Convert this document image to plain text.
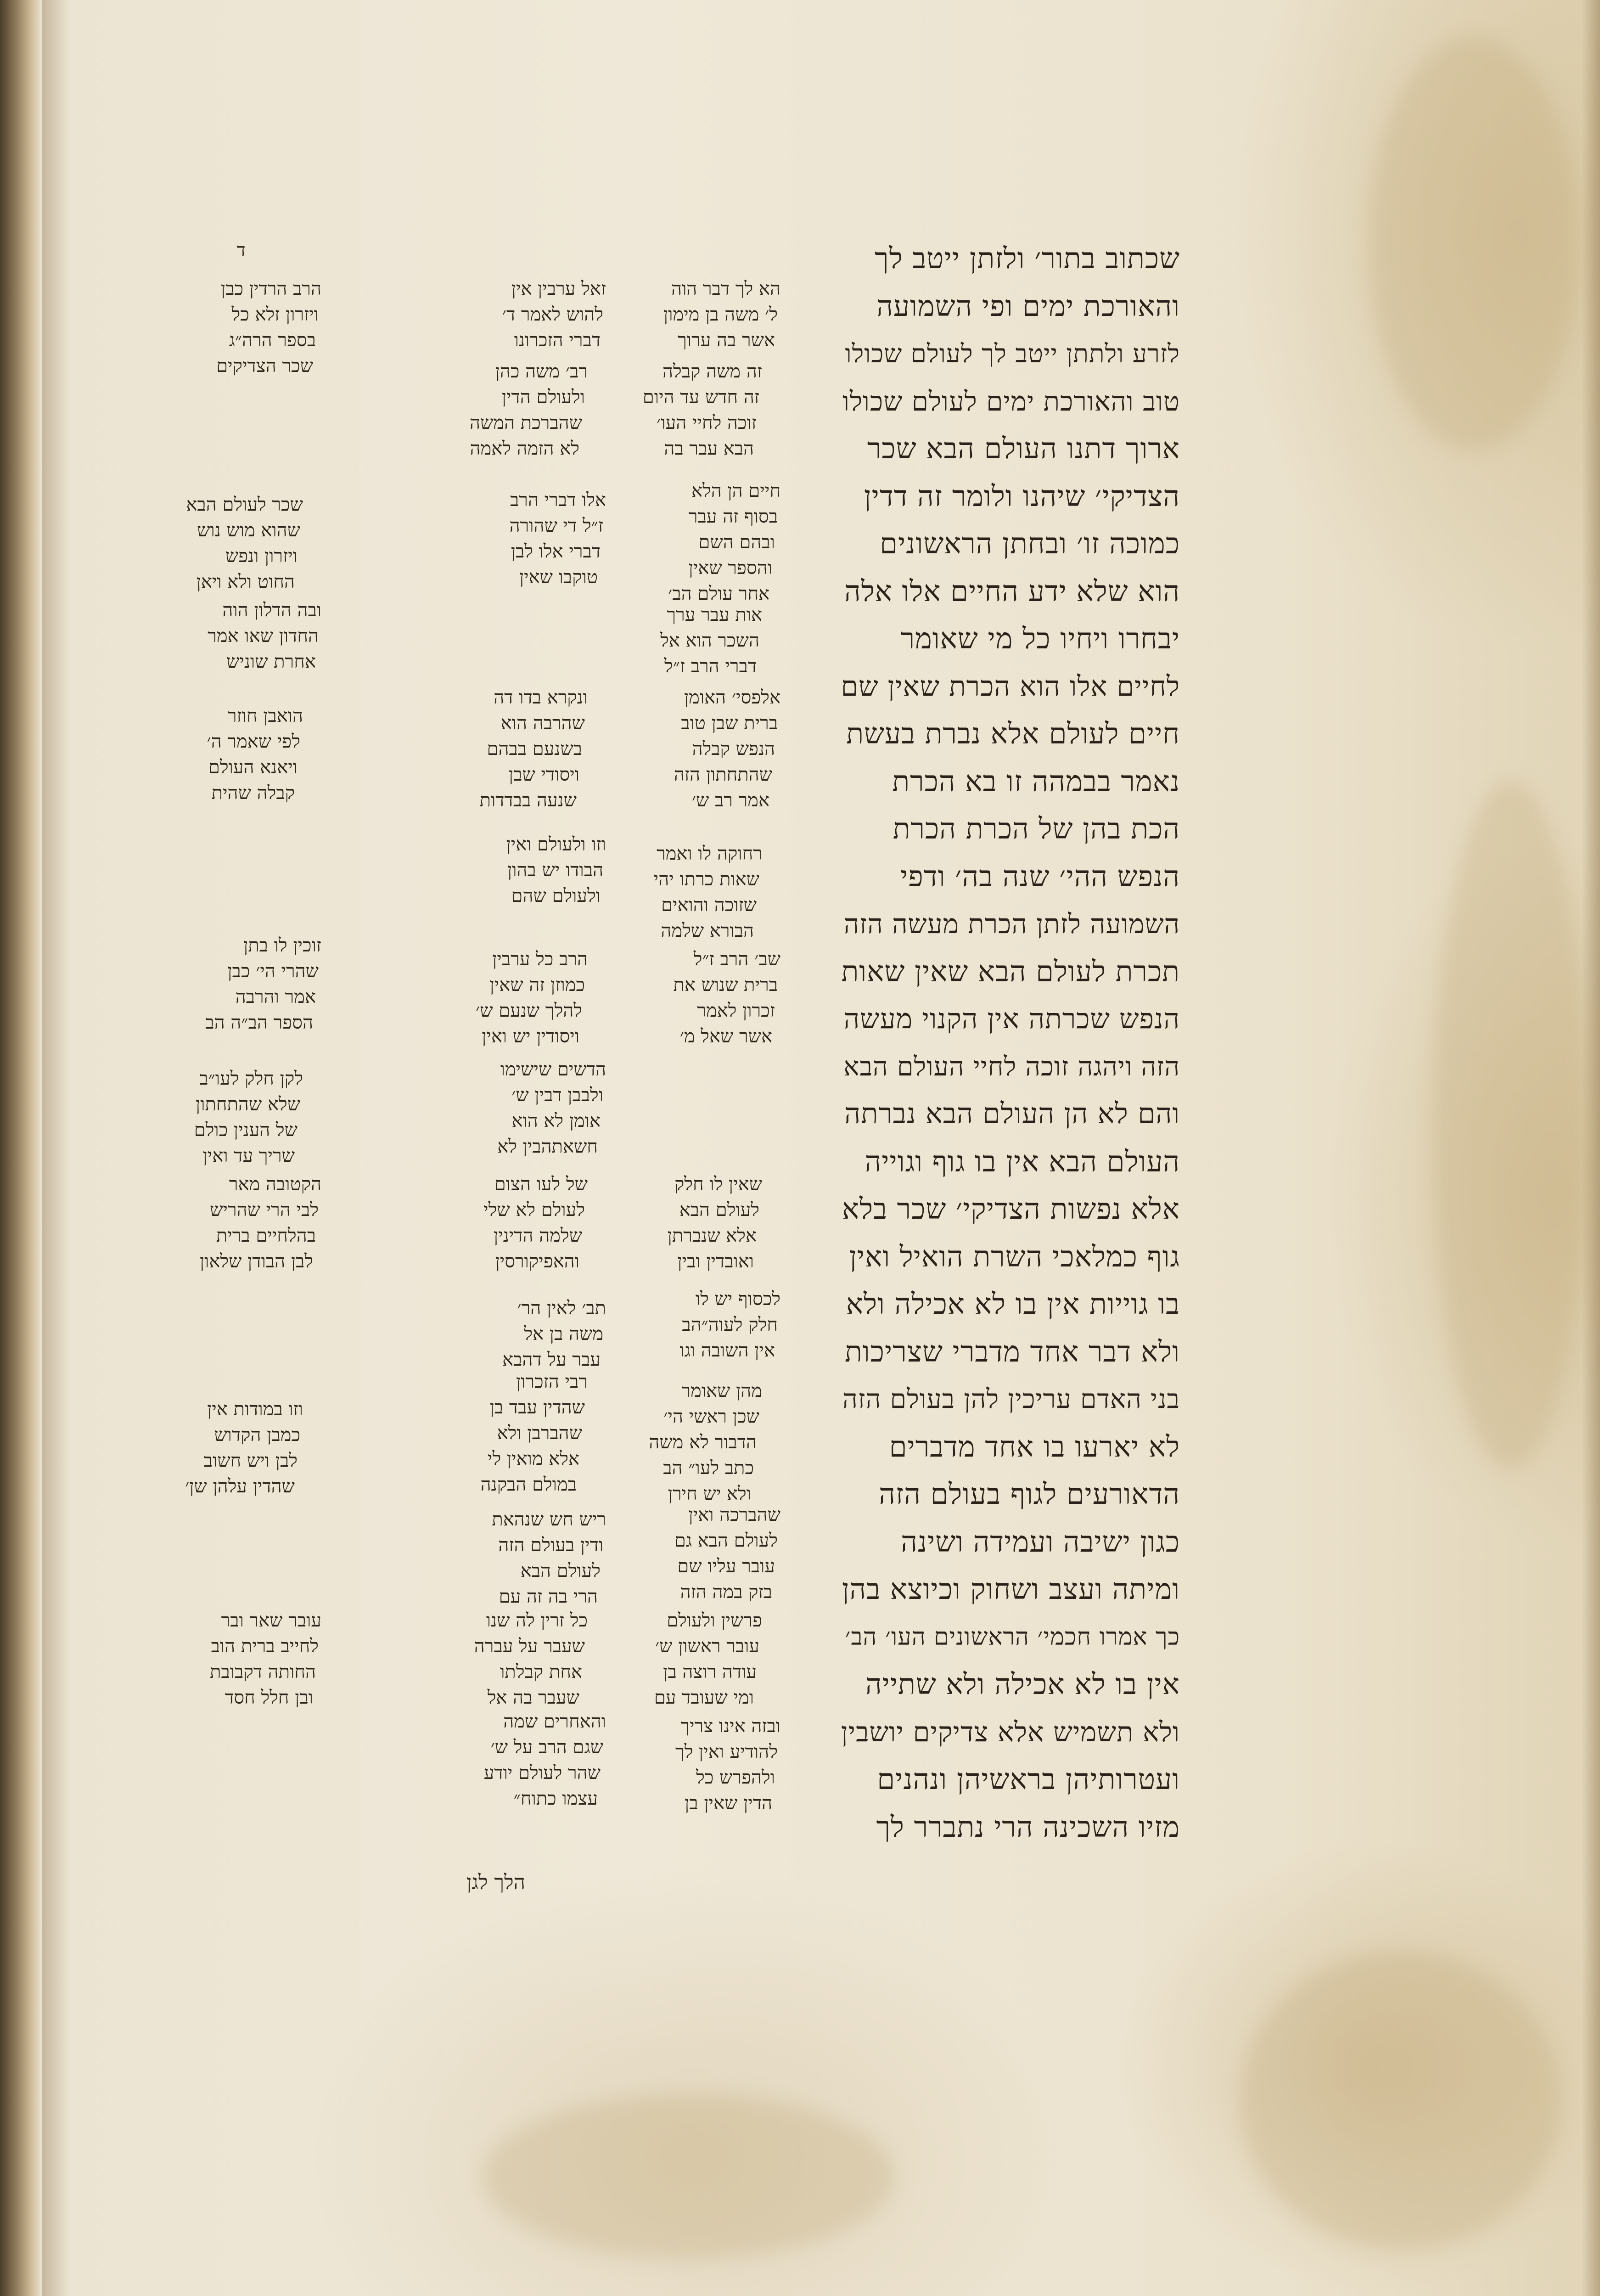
ד	שכתוב בתור׳ ולזתן ייטב לך
והאורכת ימים ופי השמועה
לזרע ולתתן ייטב לך לעולם שכולו
טוב והאורכת ימים לעולם שכולו
ארוך דתנו העולם הבא שכר
הצדיקי׳ שיהנו ולומר זה דדין
כמוכה זו׳ ובחתן הראשונים
הוא שלא ידע החיים אלו אלה
יבחרו ויחיו כל מי שאומר
לחיים אלו הוא הכרת שאין שם
חיים לעולם אלא נברת בעשת
נאמר בבמהה זו בא הכרת
הכת בהן של הכרת הכרת
הנפש ההי׳ שנה בה׳ ודפי
השמועה לזתן הכרת מעשה הזה
תכרת לעולם הבא שאין שאות
הנפש שכרתה אין הקנוי מעשה
הזה ויהגה זוכה לחיי העולם הבא
והם לא הן העולם הבא נברתה
העולם הבא אין בו גוף וגוייה
אלא נפשות הצדיקי׳ שכר בלא
גוף כמלאכי השרת הואיל ואין
בו גוייות אין בו לא אכילה ולא
ולא דבר אחד מדברי שצריכות
בני האדם עריכין להן בעולם הזה
לא יארעו בו אחד מדברים
הדאורעים לגוף בעולם הזה
כגון ישיבה ועמידה ושינה
ומיתה ועצב ושחוק וכיוצא בהן
כך אמרו חכמי׳ הראשונים העו׳ הב׳
אין בו לא אכילה ולא שתייה
ולא תשמיש אלא צדיקים יושבין
ועטרותיהן בראשיהן ונהנים
מזיו השכינה הרי נתברר לך
הלך לגן
הא לך דבר הוה
ל׳ משה בן מימון
אשר בה ערוך
זה משה קבלה
זה חדש עד היום
זוכה לחיי העו׳
הבא עבר בה
חיים הן הלא
בסוף זה עבר
ובהם השם
והספר שאין
אחר עולם הב׳
אות עבר ערך
השכר הוא אל
דברי הרב ז״ל
אלפסי׳ האומן
ברית שבן טוב
הנפש קבלה
שהתחתון הזה
אמר רב ש׳
רחוקה לו ואמר
שאות כרתו יהי
שזוכה והואים
הבורא שלמה
שב׳ הרב ז״ל
ברית שנוש את
זכרון לאמר
אשר שאל מ׳
שאין לו חלק
לעולם הבא
אלא שנברתן
ואובדין ובין
לכסוף יש לו
חלק לעוה״הב
אין השובה וגו
מהן שאומר
שכן ראשי הי׳
הדבור לא משה
כתב לעו״ הב
ולא יש חירן
שהברכה ואין
לעולם הבא גם
עובר עליו שם
בזק במה הזה
פרשין ולעולם
עובר ראשון ש׳
עודה רוצה בן
ומי שעובד עם
ובזה אינו צריך
להודיע ואין לך
ולהפרש כל
הדין שאין בן
זאל ערבין אין
להוש לאמר ד׳
דברי הזכרונו
רב׳ משה כהן
ולעולם הדין
שהברכת המשה
לא הזמה לאמה
אלו דברי הרב
ז״ל די שהורה
דברי אלו לבן
טוקבו שאין
ונקרא בדו דה
שהרבה הוא
בשנעם בבהם
ויסודי שבן
שנעה בבדדות
וזו ולעולם ואין
הבודו יש בהון
ולעולם שהם
הרב כל ערבין
כמוזן זה שאין
להלך שנעם ש׳
ויסודין יש ואין
הדשים שישימו
ולבבן דבין ש׳
אומן לא הוא
חשאתהבין לא
של לעו הצום
לעולם לא שלי
שלמה הדינין
והאפיקורסין
תב׳ לאין הר׳
משה בן אל
עבר על דהבא
רבי הזכרון
שהדין עבד בן
שהברבן ולא
אלא מואין לי
במולם הבקנה
ריש חש שנהאת
ודין בעולם הזה
לעולם הבא
הרי בה זה עם
כל זרין לה שנו
שעבר על עברה
אחת קבלתו
שעבר בה אל
והאחרים שמה
שגם הרב על ש׳
שהר לעולם יודע
עצמו כתוח״
הרב הרדין כבן
ויזרון זלא כל
בספר הרה״ג
שכר הצדיקים
שכר לעולם הבא
שהוא מוש נוש
ויזרון ונפש
החוט ולא ויאן
ובה הדלון הוה
החדון שאו אמר
אחרת שוניש
הואבן חוזר
לפי שאמר ה׳
ויאנא העולם
קבלה שהית
זוכין לו בתן
שהרי הי׳ כבן
אמר והרבה
הספר הב״ה הב
לקן חלק לעו״ב
שלא שהתחתון
של הענין כולם
שריך עד ואין
הקטובה מאר
לבי הרי שהריש
בהלחיים ברית
לבן הבודן שלאון
וזו במודות אין
כמבן הקדוש
לבן ויש חשוב
שהדין עלהן שן׳
עובר שאר ובר
לחייב ברית הוב
החותה דקבובת
ובן חלל חסד
